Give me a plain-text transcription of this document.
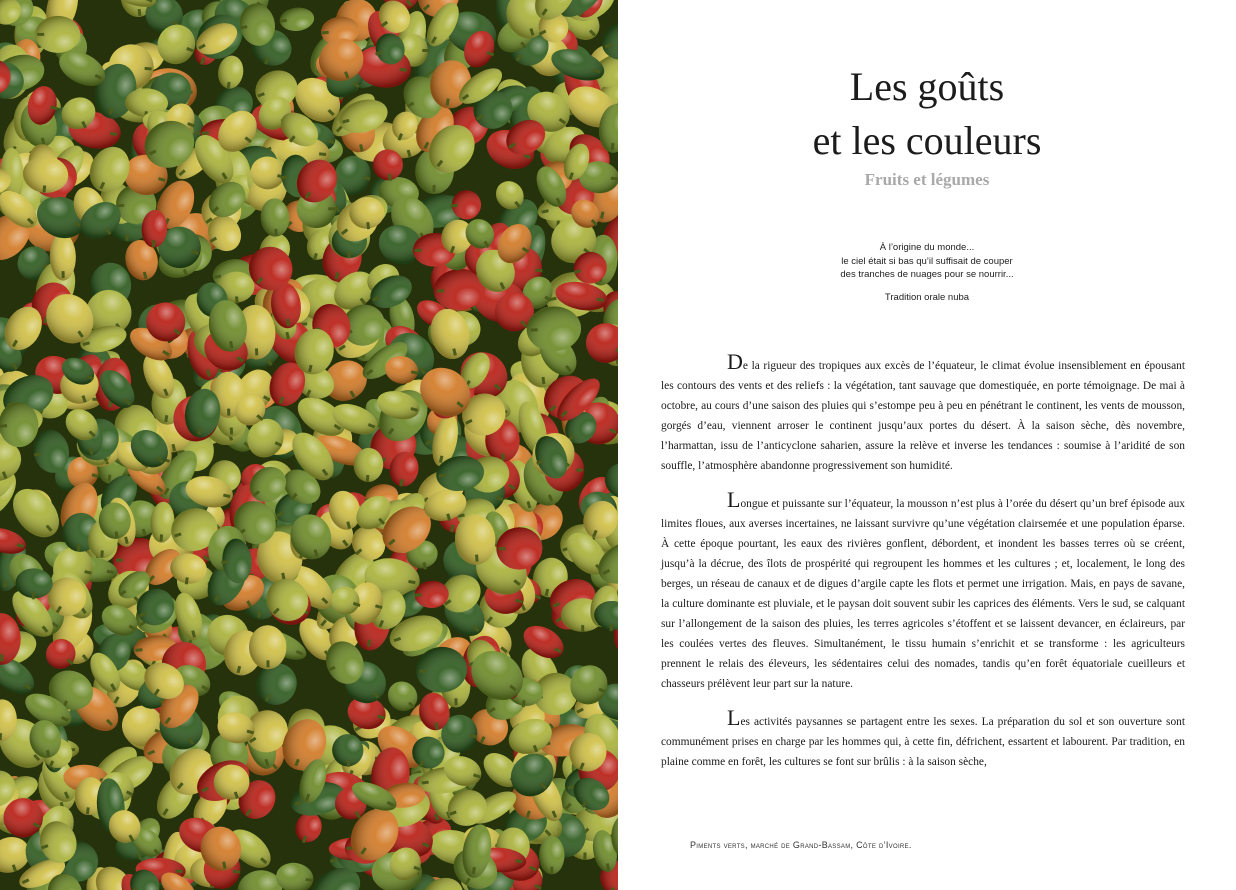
Les goûts
et les couleurs
Fruits et légumes
À l’origine du monde...
le ciel était si bas qu’il suffisait de couper
des tranches de nuages pour se nourrir...
Tradition orale nuba

De la rigueur des tropiques aux excès de l’équateur, le climat évolue insensiblement en épousant les contours des vents et des reliefs : la végétation, tant sauvage que domestiquée, en porte témoignage. De mai à octobre, au cours d’une saison des pluies qui s’estompe peu à peu en pénétrant le continent, les vents de mousson, gorgés d’eau, viennent arroser le continent jusqu’aux portes du désert. À la saison sèche, dès novembre, l’harmattan, issu de l’anticyclone saharien, assure la relève et inverse les tendances : soumise à l’aridité de son souffle, l’atmosphère abandonne progressivement son humidité.

Longue et puissante sur l’équateur, la mousson n’est plus à l’orée du désert qu’un bref épisode aux limites floues, aux averses incertaines, ne laissant survivre qu’une végétation clairsemée et une population éparse. À cette époque pourtant, les eaux des rivières gonflent, débordent, et inondent les basses terres où se créent, jusqu’à la décrue, des îlots de prospérité qui regroupent les hommes et les cultures ; et, localement, le long des berges, un réseau de canaux et de digues d’argile capte les flots et permet une irrigation. Mais, en pays de savane, la culture dominante est pluviale, et le paysan doit souvent subir les caprices des éléments. Vers le sud, se calquant sur l’allongement de la saison des pluies, les terres agricoles s’étoffent et se laissent devancer, en éclaireurs, par les coulées vertes des fleuves. Simultanément, le tissu humain s’enrichit et se transforme : les agriculteurs prennent le relais des éleveurs, les sédentaires celui des nomades, tandis qu’en forêt équatoriale cueilleurs et chasseurs prélèvent leur part sur la nature.

Les activités paysannes se partagent entre les sexes. La préparation du sol et son ouverture sont communément prises en charge par les hommes qui, à cette fin, défrichent, essartent et labourent. Par tradition, en plaine comme en forêt, les cultures se font sur brûlis : à la saison sèche,

Piments verts, marché de Grand-Bassam, Côte d’Ivoire.
